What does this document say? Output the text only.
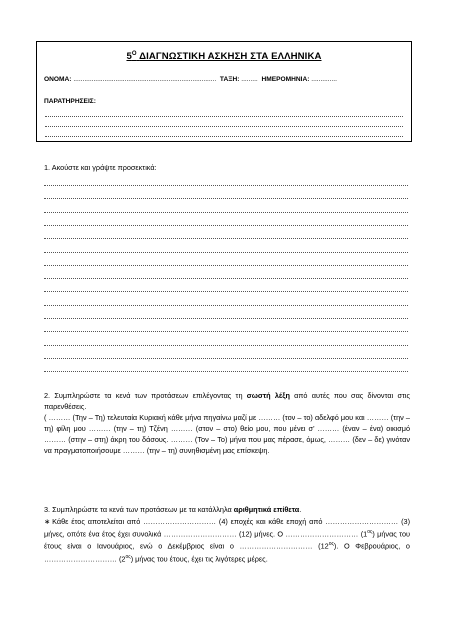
$5^O$ ΔΙΑΓΝΩΣΤΙΚΗ ΑΣΚΗΣΗ ΣΤΑ ΕΛΛΗΝΙΚΑ
ΟΝΟΜΑ: .............................................................................. ΤΑΞΗ: ......... ΗΜΕΡΟΜΗΝΙΑ: ..............
ΠΑΡΑΤΗΡΗΣΕΙΣ:
1. Ακούστε και γράψτε προσεκτικά:
2. Συμπληρώστε τα κενά των προτάσεων επιλέγοντας τη σωστή λέξη από αυτές που σας δίνονται στις παρενθέσεις.
( ……… (Την – Τη) τελευταία Κυριακή κάθε μήνα πηγαίνω μαζί με ……… (τον – το) αδελφό μου και ……… (την – τη) φίλη μου ……… (την – τη) Τζένη ……… (στον – στο) θείο μου, που μένει σ’ ……… (έναν – ένα) οικισμό ……… (στην – στη) άκρη του δάσους. ……… (Τον – Το) μήνα που μας πέρασε, όμως, ……… (δεν – δε) γινόταν να πραγματοποιήσουμε ……… (την – τη) συνηθισμένη μας επίσκεψη.
3. Συμπληρώστε τα κενά των προτάσεων με τα κατάλληλα αριθμητικά επίθετα.
∗ Κάθε έτος αποτελείται από ………………………… (4) εποχές και κάθε εποχή από ………………………… (3) μήνες, οπότε ένα έτος έχει συνολικά ………………………… (12) μήνες. Ο ………………………… $(1^{o\varsigma})$ μήνας του έτους είναι ο Ιανουάριος, ενώ ο Δεκέμβριος είναι ο ………………………… $(12^{o\varsigma})$. Ο Φεβρουάριος, ο ………………………… $(2^{o\varsigma})$ μήνας του έτους, έχει τις λιγότερες μέρες.
